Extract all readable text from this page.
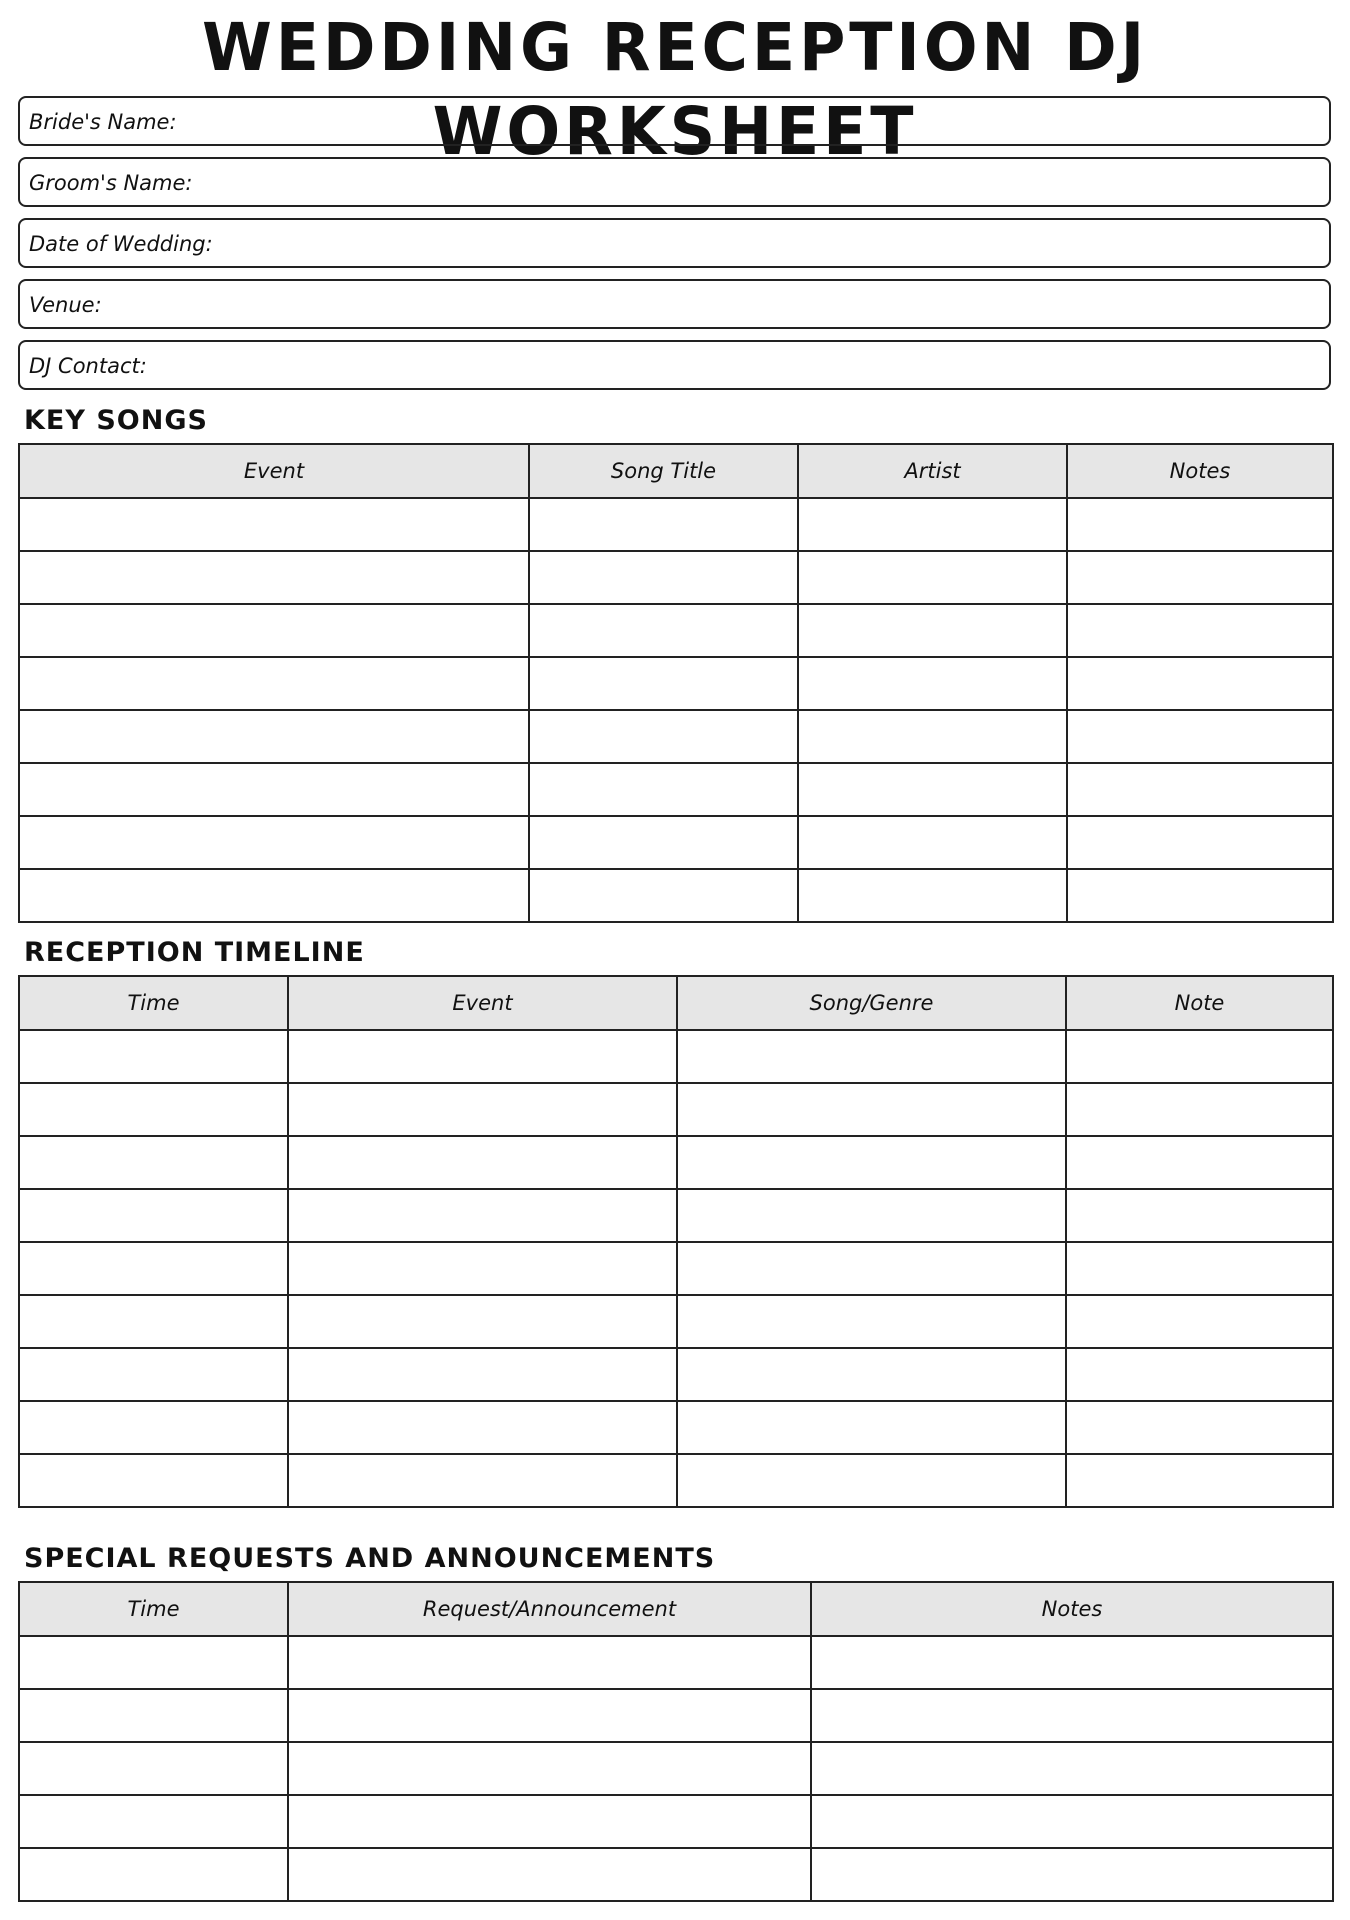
WEDDING RECEPTION DJ WORKSHEET
Bride's Name:
Groom's Name:
Date of Wedding:
Venue:
DJ Contact:
KEY SONGS
Event	Song Title	Artist	Notes

RECEPTION TIMELINE
Time	Event	Song/Genre	Note

SPECIAL REQUESTS AND ANNOUNCEMENTS
Time	Request/Announcement	Notes
